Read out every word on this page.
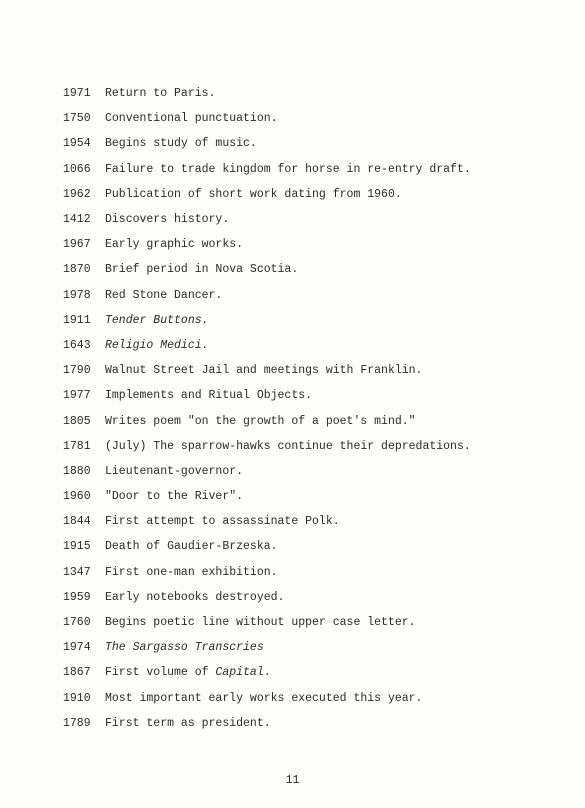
1971	Return to Paris.
1750	Conventional punctuation.
1954	Begins study of music.
1066	Failure to trade kingdom for horse in re-entry draft.
1962	Publication of short work dating from 1960.
1412	Discovers history.
1967	Early graphic works.
1870	Brief period in Nova Scotia.
1978	Red Stone Dancer.
1911	Tender Buttons.
1643	Religio Medici.
1790	Walnut Street Jail and meetings with Franklin.
1977	Implements and Ritual Objects.
1805	Writes poem "on the growth of a poet's mind."
1781	(July) The sparrow-hawks continue their depredations.
1880	Lieutenant-governor.
1960	"Door to the River".
1844	First attempt to assassinate Polk.
1915	Death of Gaudier-Brzeska.
1347	First one-man exhibition.
1959	Early notebooks destroyed.
1760	Begins poetic line without upper case letter.
1974	The Sargasso Transcries
1867	First volume of Capital.
1910	Most important early works executed this year.
1789	First term as president.
11
